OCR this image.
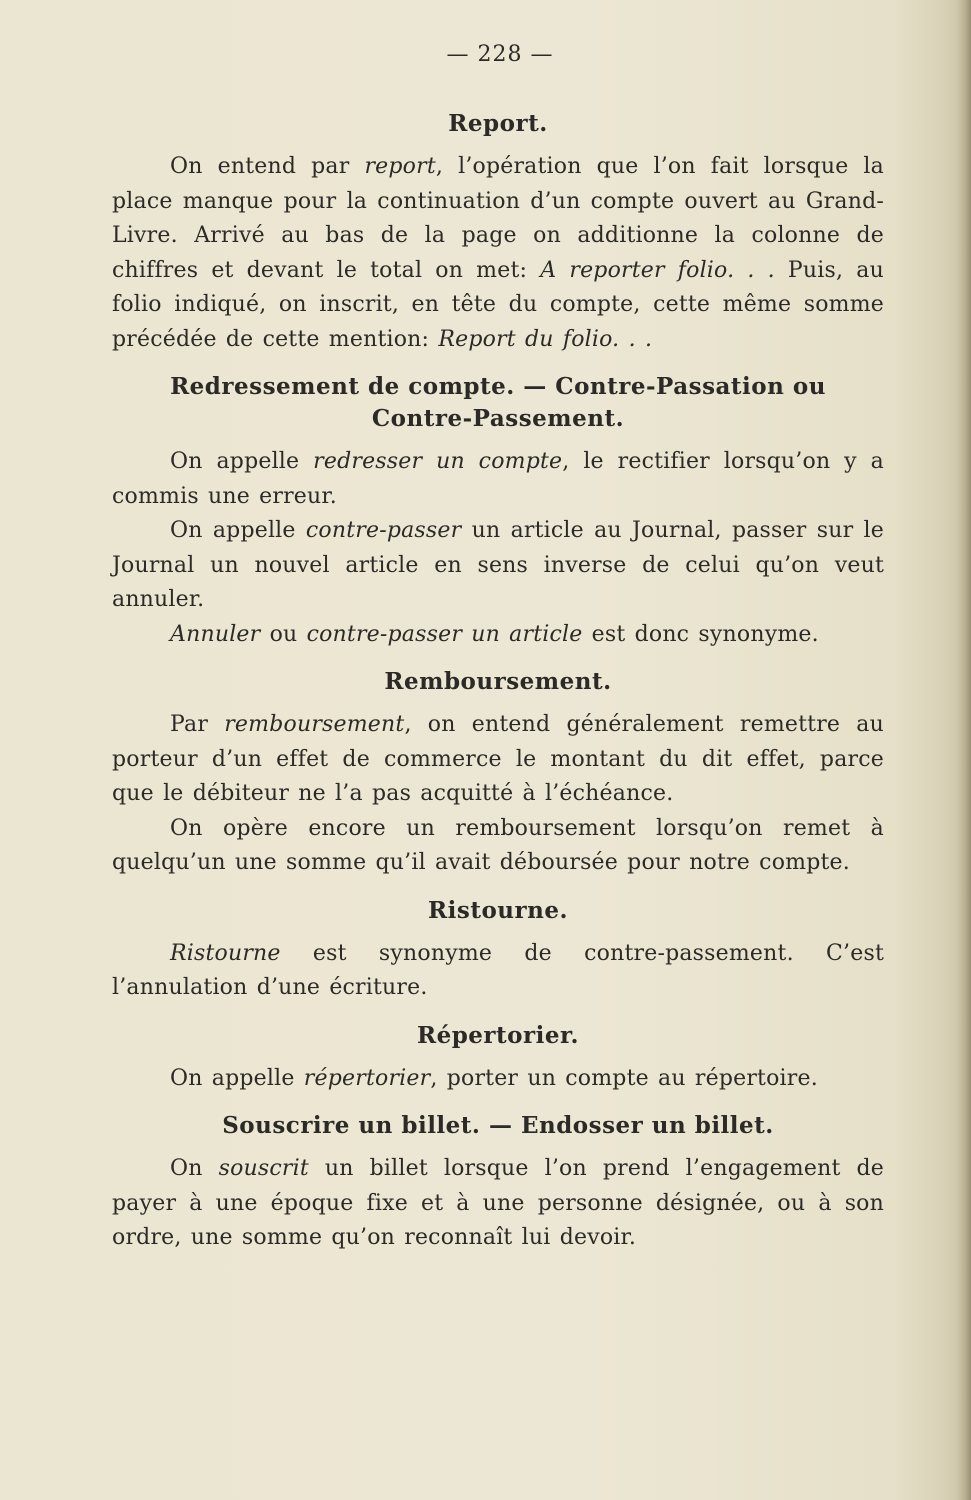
— 228 —
Report.

On entend par report, l’opération que l’on fait lorsque la place manque pour la continuation d’un compte ouvert au Grand-Livre. Arrivé au bas de la page on additionne la colonne de chiffres et devant le total on met: A reporter folio. . . Puis, au folio indiqué, on inscrit, en tête du compte, cette même somme précédée de cette mention: Report du folio. . .

Redressement de compte. — Contre-Passation ou
Contre-Passement.

On appelle redresser un compte, le rectifier lorsqu’on y a commis une erreur.

On appelle contre-passer un article au Journal, passer sur le Journal un nouvel article en sens inverse de celui qu’on veut annuler.

Annuler ou contre-passer un article est donc synonyme.

Remboursement.

Par remboursement, on entend généralement remettre au porteur d’un effet de commerce le montant du dit effet, parce que le débiteur ne l’a pas acquitté à l’échéance.

On opère encore un remboursement lorsqu’on remet à quelqu’un une somme qu’il avait déboursée pour notre compte.

Ristourne.

Ristourne est synonyme de contre-passement. C’est l’annulation d’une écriture.

Répertorier.

On appelle répertorier, porter un compte au répertoire.

Souscrire un billet. — Endosser un billet.

On souscrit un billet lorsque l’on prend l’engagement de payer à une époque fixe et à une personne désignée, ou à son ordre, une somme qu’on reconnaît lui devoir.
